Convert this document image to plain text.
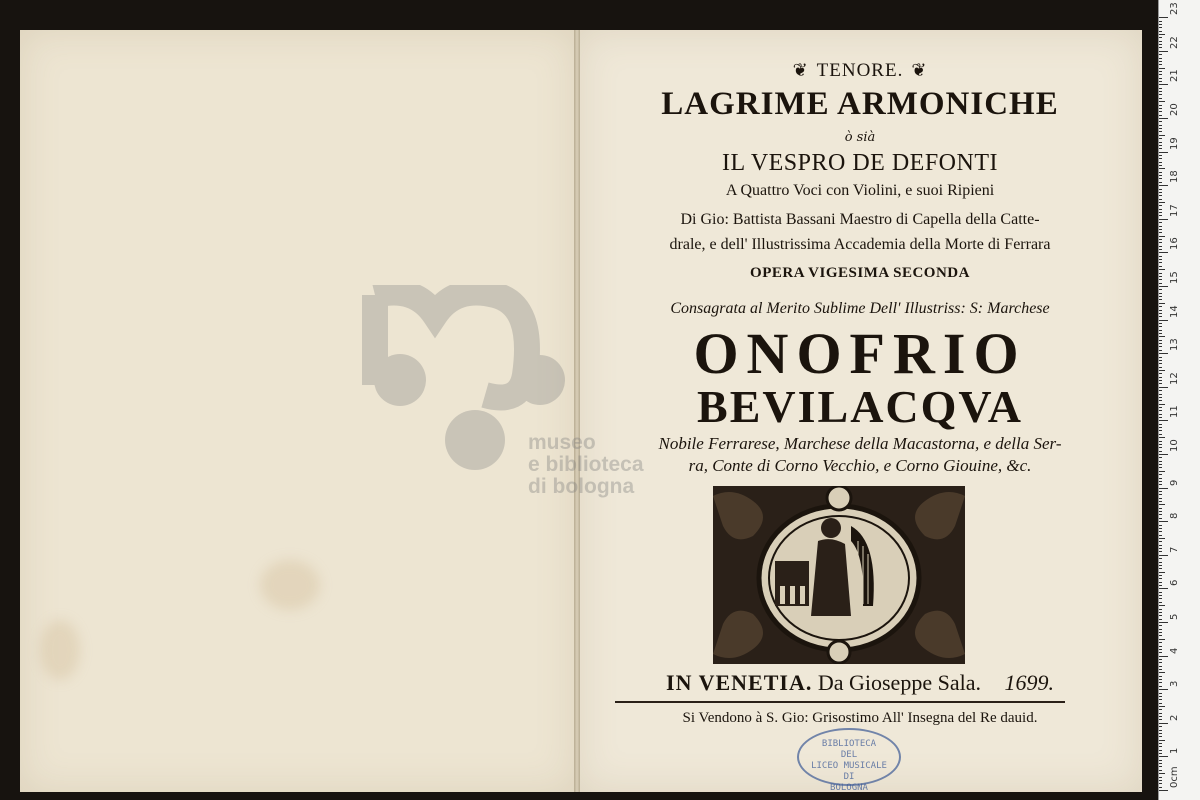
museo
e biblioteca
di bologna
❦ TENORE. ❦
LAGRIME ARMONICHE
ò sià
IL VESPRO DE DEFONTI
A Quattro Voci con Violini, e suoi Ripieni
Di Gio: Battista Bassani Maestro di Capella della Catte-
drale, e dell' Illustrissima Accademia della Morte di Ferrara
OPERA VIGESIMA SECONDA
Consagrata al Merito Sublime Dell' Illustriss: S: Marchese
ONOFRIO
BEVILACQVA
Nobile Ferrarese, Marchese della Macastorna, e della Ser-
ra, Conte di Corno Vecchio, e Corno Giouine, &c.
IN VENETIA. Da Gioseppe Sala. 1699.
Si Vendono à S. Gio: Grisostimo All' Insegna del Re dauid.
BIBLIOTECA
DEL
LICEO MUSICALE
DI
BOLOGNA	0cm
1
2
3
4
5
6
7
8
9
10
11
12
13
14
15
16
17
18
19
20
21
22
23
